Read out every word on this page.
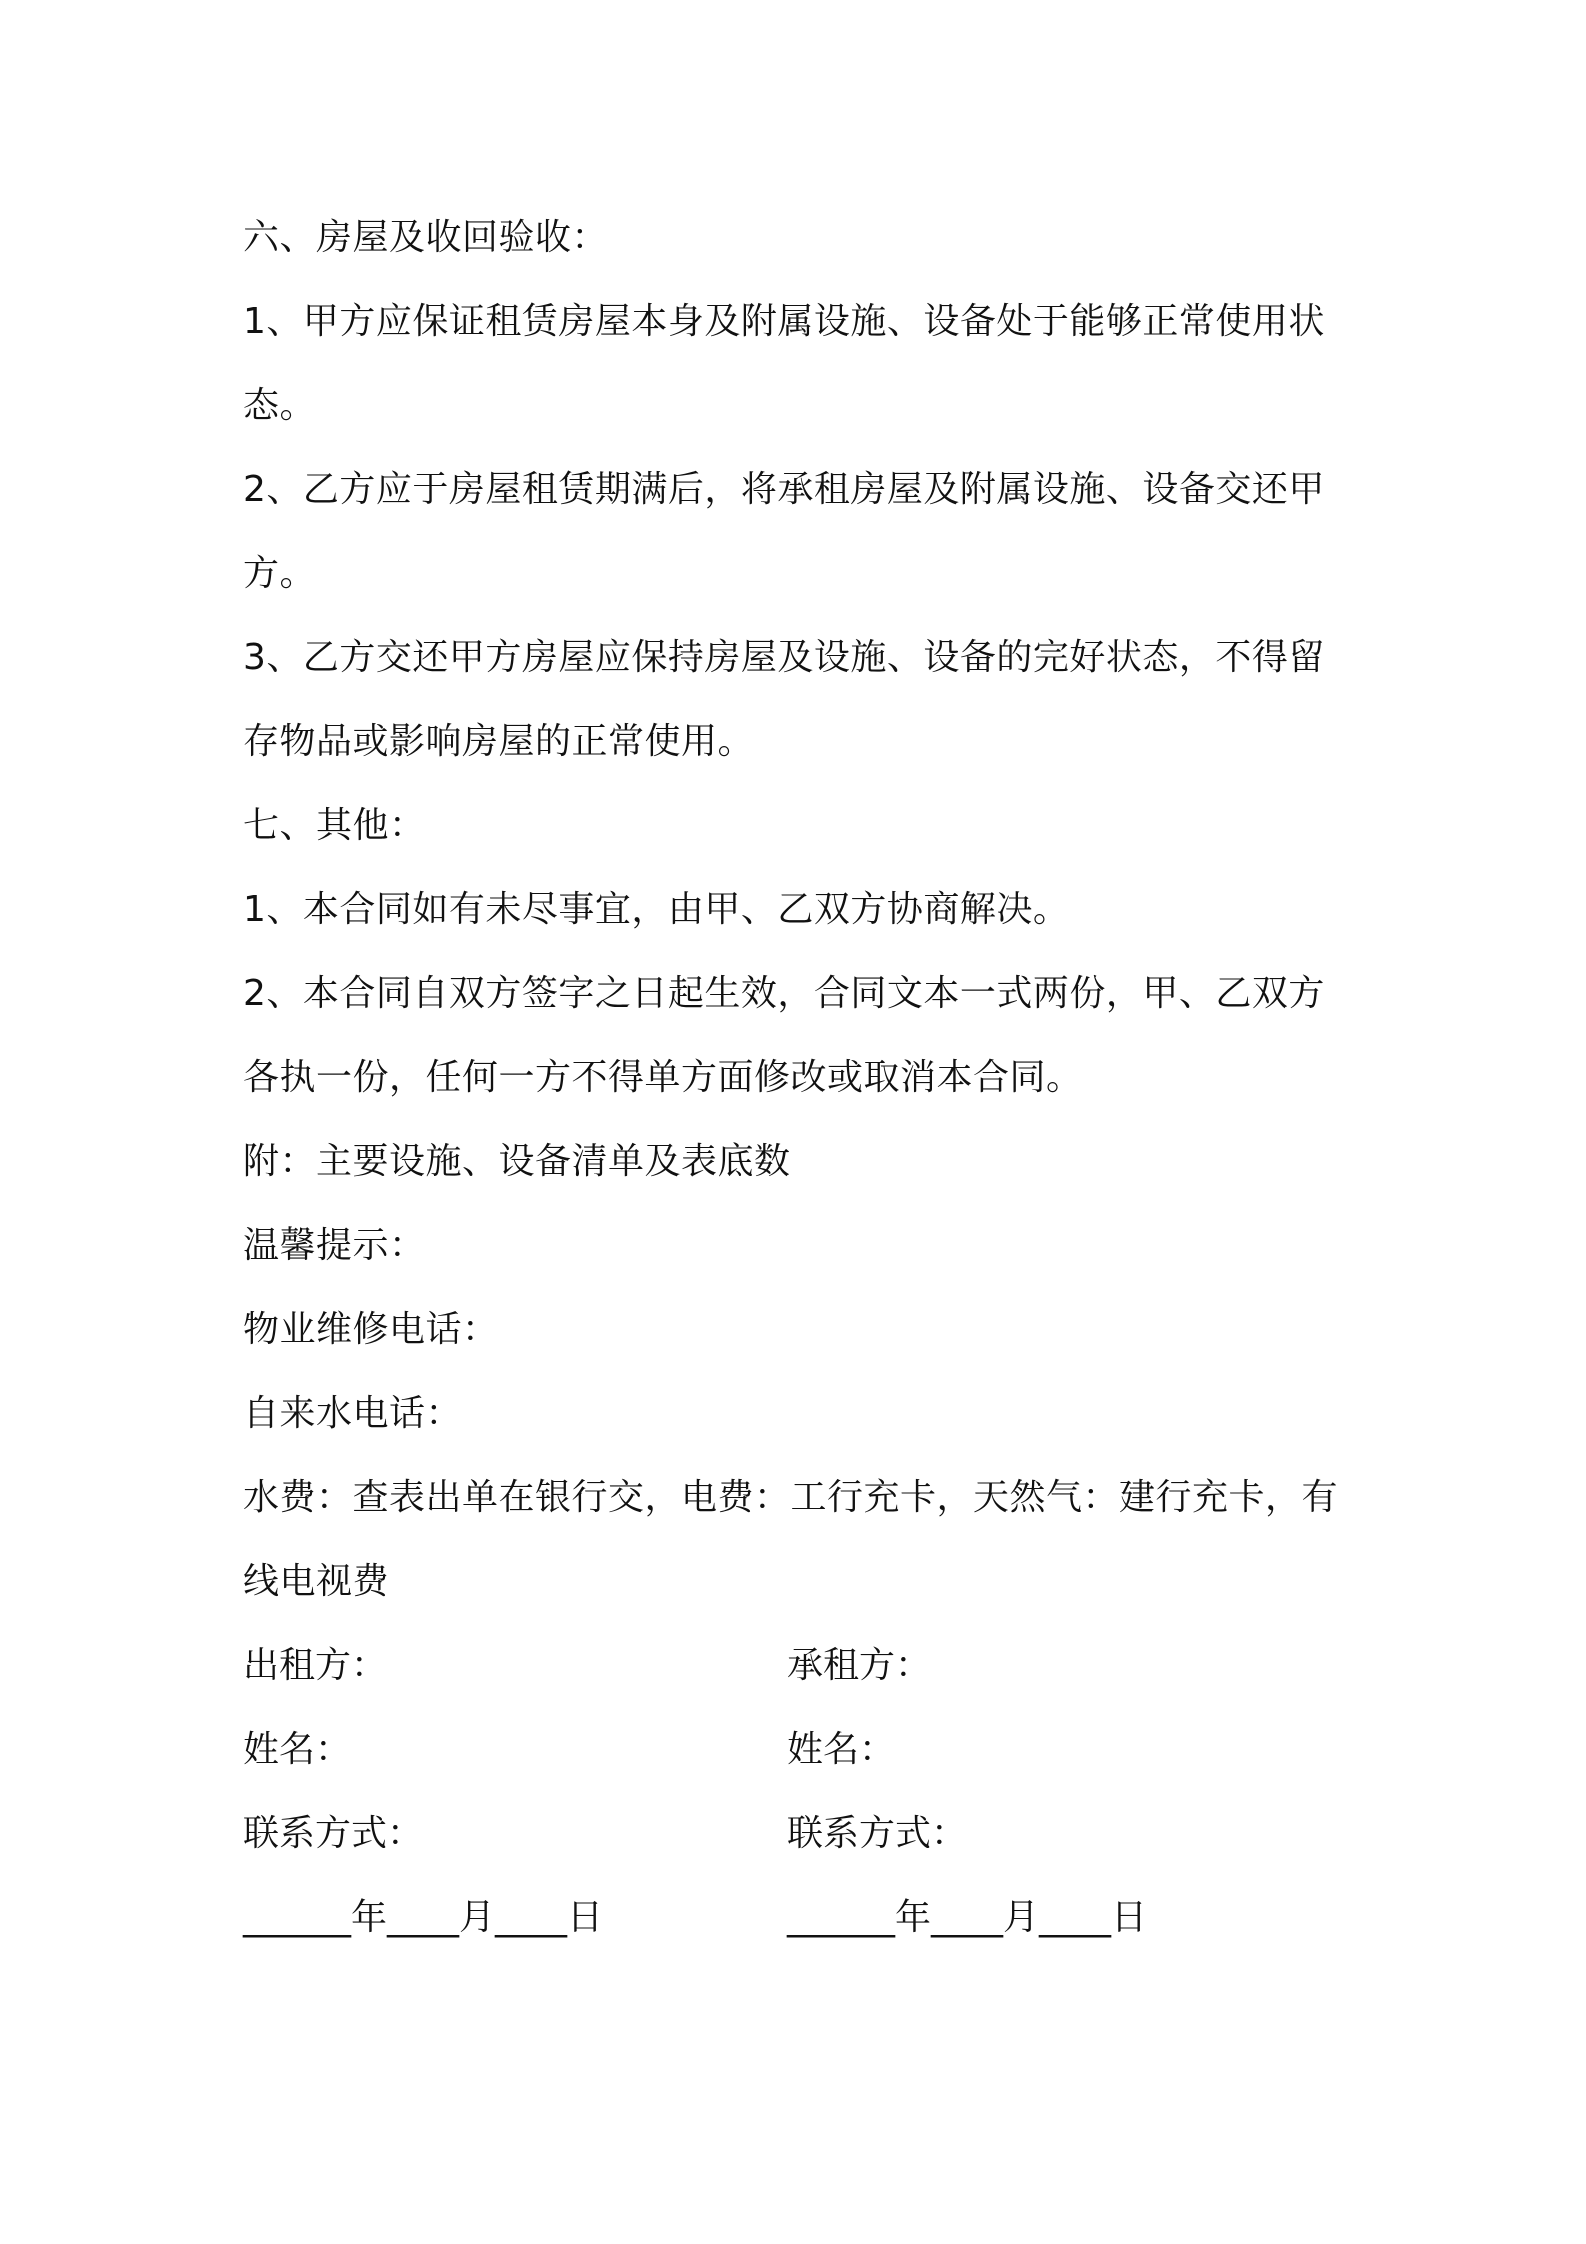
六、房屋及收回验收：
1、甲方应保证租赁房屋本身及附属设施、设备处于能够正常使用状
态。
2、乙方应于房屋租赁期满后，将承租房屋及附属设施、设备交还甲
方。
3、乙方交还甲方房屋应保持房屋及设施、设备的完好状态，不得留
存物品或影响房屋的正常使用。
七、其他：
1、本合同如有未尽事宜，由甲、乙双方协商解决。
2、本合同自双方签字之日起生效，合同文本一式两份，甲、乙双方
各执一份，任何一方不得单方面修改或取消本合同。
附：主要设施、设备清单及表底数
温馨提示：
物业维修电话：
自来水电话：
水费：查表出单在银行交，电费：工行充卡，天然气：建行充卡，有
线电视费
出租方：	承租方：
姓名：	姓名：
联系方式：	联系方式：
______年____月____日	______年____月____日
